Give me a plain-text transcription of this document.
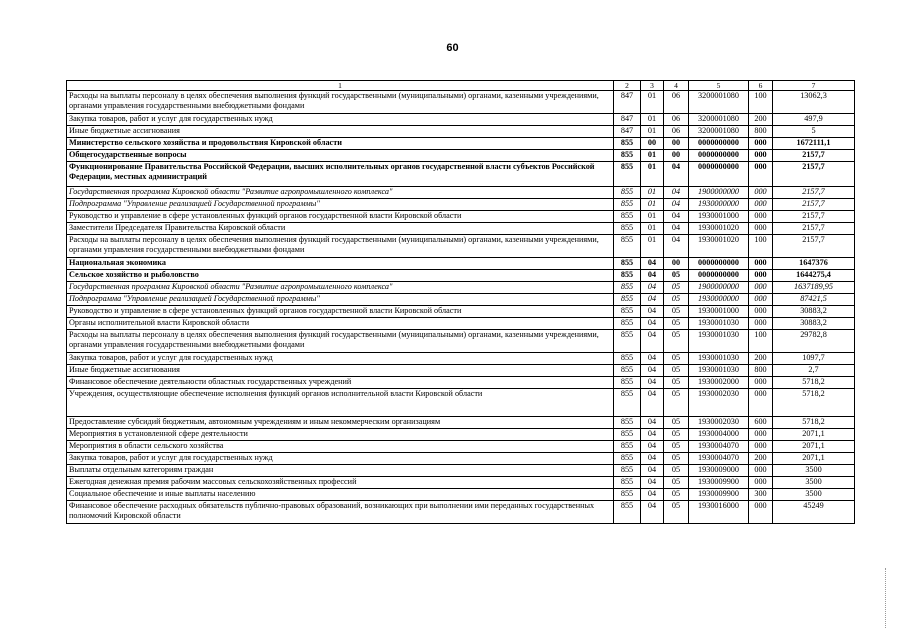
60
1	2	3	4	5	6	7
Расходы на выплаты персоналу в целях обеспечения выполнения функций государственными (муниципальными) органами, казенными учреждениями, органами управления государственными внебюджетными фондами	847	01	06	3200001080	100	13062,3
Закупка товаров, работ и услуг для государственных нужд	847	01	06	3200001080	200	497,9
Иные бюджетные ассигнования	847	01	06	3200001080	800	5
Министерство сельского хозяйства и продовольствия Кировской области	855	00	00	0000000000	000	1672111,1
Общегосударственные вопросы	855	01	00	0000000000	000	2157,7
Функционирование Правительства Российской Федерации, высших исполнительных органов государственной власти субъектов Российской Федерации, местных администраций	855	01	04	0000000000	000	2157,7
Государственная программа Кировской области "Развитие агропромышленного комплекса"	855	01	04	1900000000	000	2157,7
Подпрограмма "Управление реализацией Государственной программы"	855	01	04	1930000000	000	2157,7
Руководство и управление в сфере установленных функций органов государственной власти Кировской области	855	01	04	1930001000	000	2157,7
Заместители Председателя Правительства Кировской области	855	01	04	1930001020	000	2157,7
Расходы на выплаты персоналу в целях обеспечения выполнения функций государственными (муниципальными) органами, казенными учреждениями, органами управления государственными внебюджетными фондами	855	01	04	1930001020	100	2157,7
Национальная экономика	855	04	00	0000000000	000	1647376
Сельское хозяйство и рыболовство	855	04	05	0000000000	000	1644275,4
Государственная программа Кировской области "Развитие агропромышленного комплекса"	855	04	05	1900000000	000	1637189,95
Подпрограмма "Управление реализацией Государственной программы"	855	04	05	1930000000	000	87421,5
Руководство и управление в сфере установленных функций органов государственной власти Кировской области	855	04	05	1930001000	000	30883,2
Органы исполнительной власти Кировской области	855	04	05	1930001030	000	30883,2
Расходы на выплаты персоналу в целях обеспечения выполнения функций государственными (муниципальными) органами, казенными учреждениями, органами управления государственными внебюджетными фондами	855	04	05	1930001030	100	29782,8
Закупка товаров, работ и услуг для государственных нужд	855	04	05	1930001030	200	1097,7
Иные бюджетные ассигнования	855	04	05	1930001030	800	2,7
Финансовое обеспечение деятельности областных государственных учреждений	855	04	05	1930002000	000	5718,2
Учреждения, осуществляющие обеспечение исполнения функций органов исполнительной власти Кировской области	855	04	05	1930002030	000	5718,2
Предоставление субсидий бюджетным, автономным учреждениям и иным некоммерческим организациям	855	04	05	1930002030	600	5718,2
Мероприятия в установленной сфере деятельности	855	04	05	1930004000	000	2071,1
Мероприятия в области сельского хозяйства	855	04	05	1930004070	000	2071,1
Закупка товаров, работ и услуг для государственных нужд	855	04	05	1930004070	200	2071,1
Выплаты отдельным категориям граждан	855	04	05	1930009000	000	3500
Ежегодная денежная премия рабочим массовых сельскохозяйственных профессий	855	04	05	1930009900	000	3500
Социальное обеспечение и иные выплаты населению	855	04	05	1930009900	300	3500
Финансовое обеспечение расходных обязательств публично-правовых образований, возникающих при выполнении ими переданных государственных полномочий Кировской области	855	04	05	1930016000	000	45249
